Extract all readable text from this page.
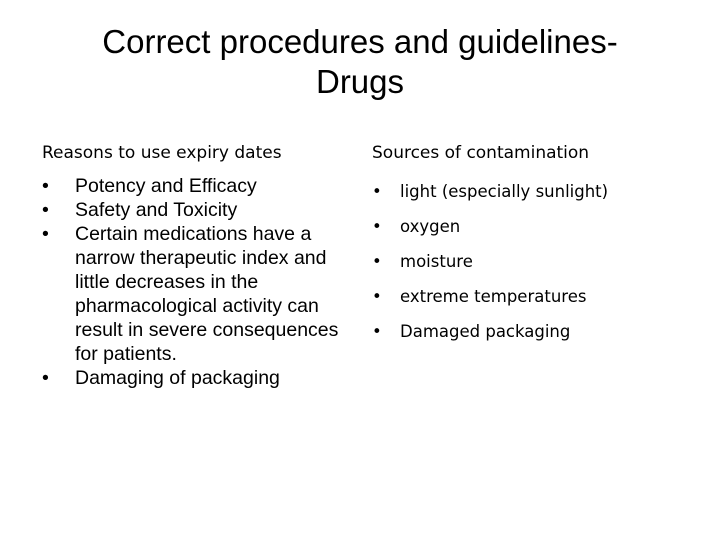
Correct procedures and guidelines-
Drugs
Reasons to use expiry dates	Sources of contamination
• Potency and Efficacy
• Safety and Toxicity
• Certain medications have a narrow therapeutic index and little decreases in the pharmacological activity can result in severe consequences for patients.
• Damaging of packaging
• light (especially sunlight)
• oxygen
• moisture
• extreme temperatures
• Damaged packaging
